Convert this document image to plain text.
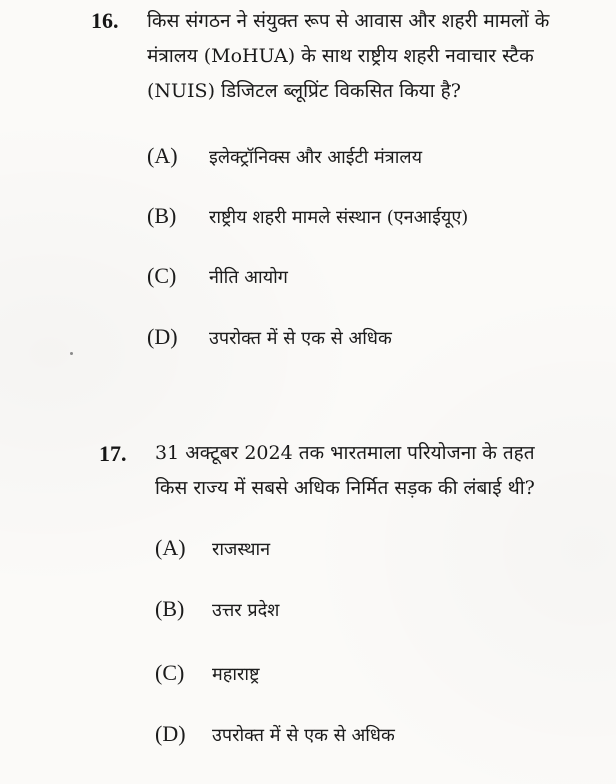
16. किस संगठन ने संयुक्त रूप से आवास और शहरी मामलों के
मंत्रालय (MoHUA) के साथ राष्ट्रीय शहरी नवाचार स्टैक
(NUIS) डिजिटल ब्लूप्रिंट विकसित किया है?
(A)	इलेक्ट्रॉनिक्स और आईटी मंत्रालय
(B)	राष्ट्रीय शहरी मामले संस्थान (एनआईयूए)
(C)	नीति आयोग
(D)	उपरोक्त में से एक से अधिक
17. 31 अक्टूबर 2024 तक भारतमाला परियोजना के तहत
किस राज्य में सबसे अधिक निर्मित सड़क की लंबाई थी?
(A)	राजस्थान
(B)	उत्तर प्रदेश
(C)	महाराष्ट्र
(D)	उपरोक्त में से एक से अधिक
